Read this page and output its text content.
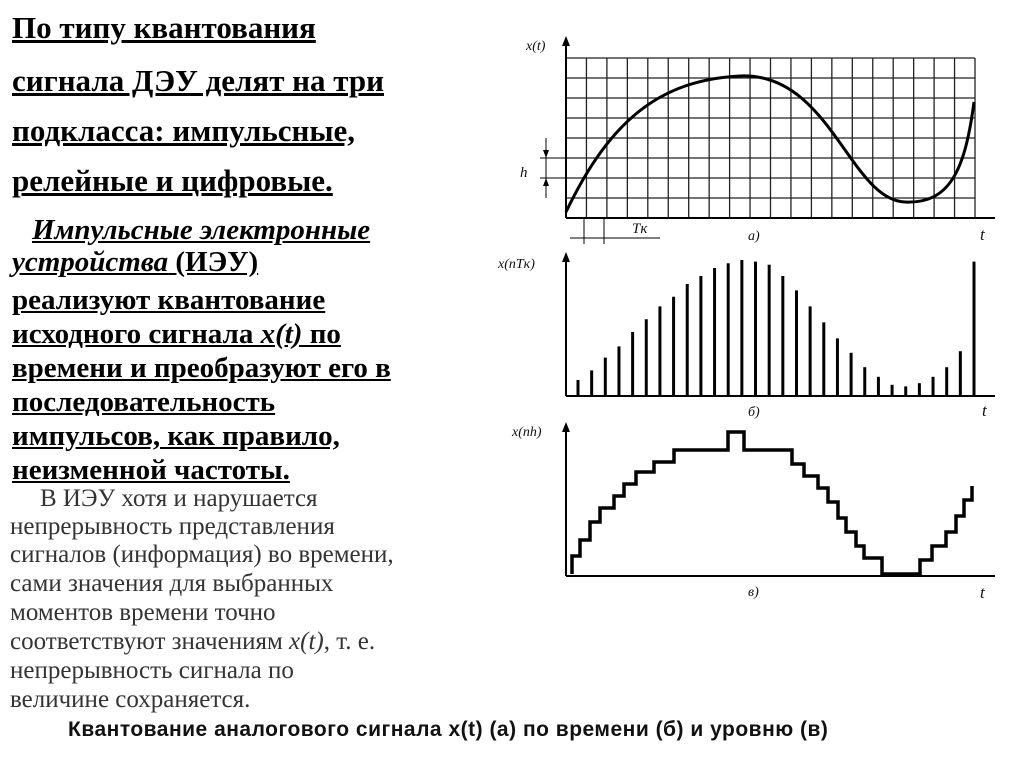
По типу квантования
сигнала ДЭУ делят на три
подкласса: импульсные,
релейные и цифровые.
Импульсные электронные
устройства (ИЭУ)
реализуют квантование
исходного сигнала x(t) по
времени и преобразуют его в
последовательность
импульсов, как правило,
неизменной частоты.
В ИЭУ хотя и нарушается
непрерывность представления
сигналов (информация) во времени,
сами значения для выбранных
моментов времени точно
соответствуют значениям x(t), т. е.
непрерывность сигнала по
величине сохраняется.
h
Tк
x(t)
a)	t
x(nTк)
б)	t
x(nh)
в)	t
Квантование аналогового сигнала x(t) (а) по времени (б) и уровню (в)
